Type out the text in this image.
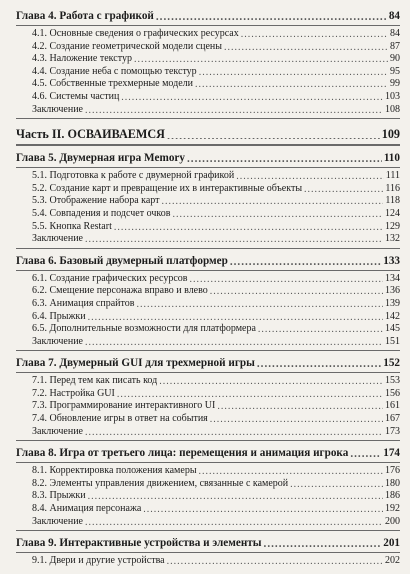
Глава 4. Работа с графикой .....	84
4.1. Основные сведения о графических ресурсах .....	84
4.2. Создание геометрической модели сцены .....	87
4.3. Наложение текстур .....	90
4.4. Создание неба с помощью текстур .....	95
4.5. Собственные трехмерные модели .....	99
4.6. Системы частиц .....	103
Заключение .....	108
Часть II. ОСВАИВАЕМСЯ .....	109
Глава 5. Двумерная игра Memory .....	110
5.1. Подготовка к работе с двумерной графикой .....	111
5.2. Создание карт и превращение их в интерактивные объекты .....	116
5.3. Отображение набора карт .....	118
5.4. Совпадения и подсчет очков .....	124
5.5. Кнопка Restart .....	129
Заключение .....	132
Глава 6. Базовый двумерный платформер .....	133
6.1. Создание графических ресурсов .....	134
6.2. Смещение персонажа вправо и влево .....	136
6.3. Анимация спрайтов .....	139
6.4. Прыжки .....	142
6.5. Дополнительные возможности для платформера .....	145
Заключение .....	151
Глава 7. Двумерный GUI для трехмерной игры .....	152
7.1. Перед тем как писать код .....	153
7.2. Настройка GUI .....	156
7.3. Программирование интерактивного UI .....	161
7.4. Обновление игры в ответ на события .....	167
Заключение .....	173
Глава 8. Игра от третьего лица: перемещения и анимация игрока .....	174
8.1. Корректировка положения камеры .....	176
8.2. Элементы управления движением, связанные с камерой .....	180
8.3. Прыжки .....	186
8.4. Анимация персонажа .....	192
Заключение .....	200
Глава 9. Интерактивные устройства и элементы .....	201
9.1. Двери и другие устройства .....	202
